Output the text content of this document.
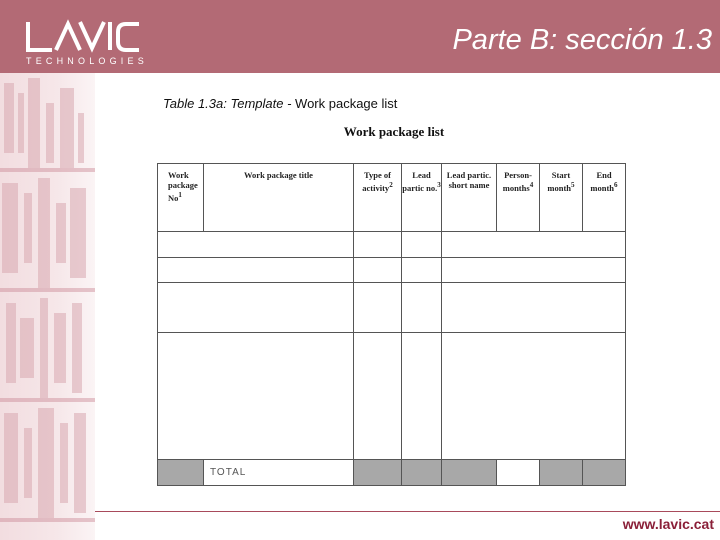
TECHNOLOGIES
Parte B: sección 1.3
Table 1.3a: Template - Work package list
Work package list
Work package No$^1$	Work package title	Type of activity$^2$	Lead partic no.$^3$	Lead partic. short name	Person-months$^4$	Start month$^5$	End month$^6$

	TOTAL						
www.lavic.cat
